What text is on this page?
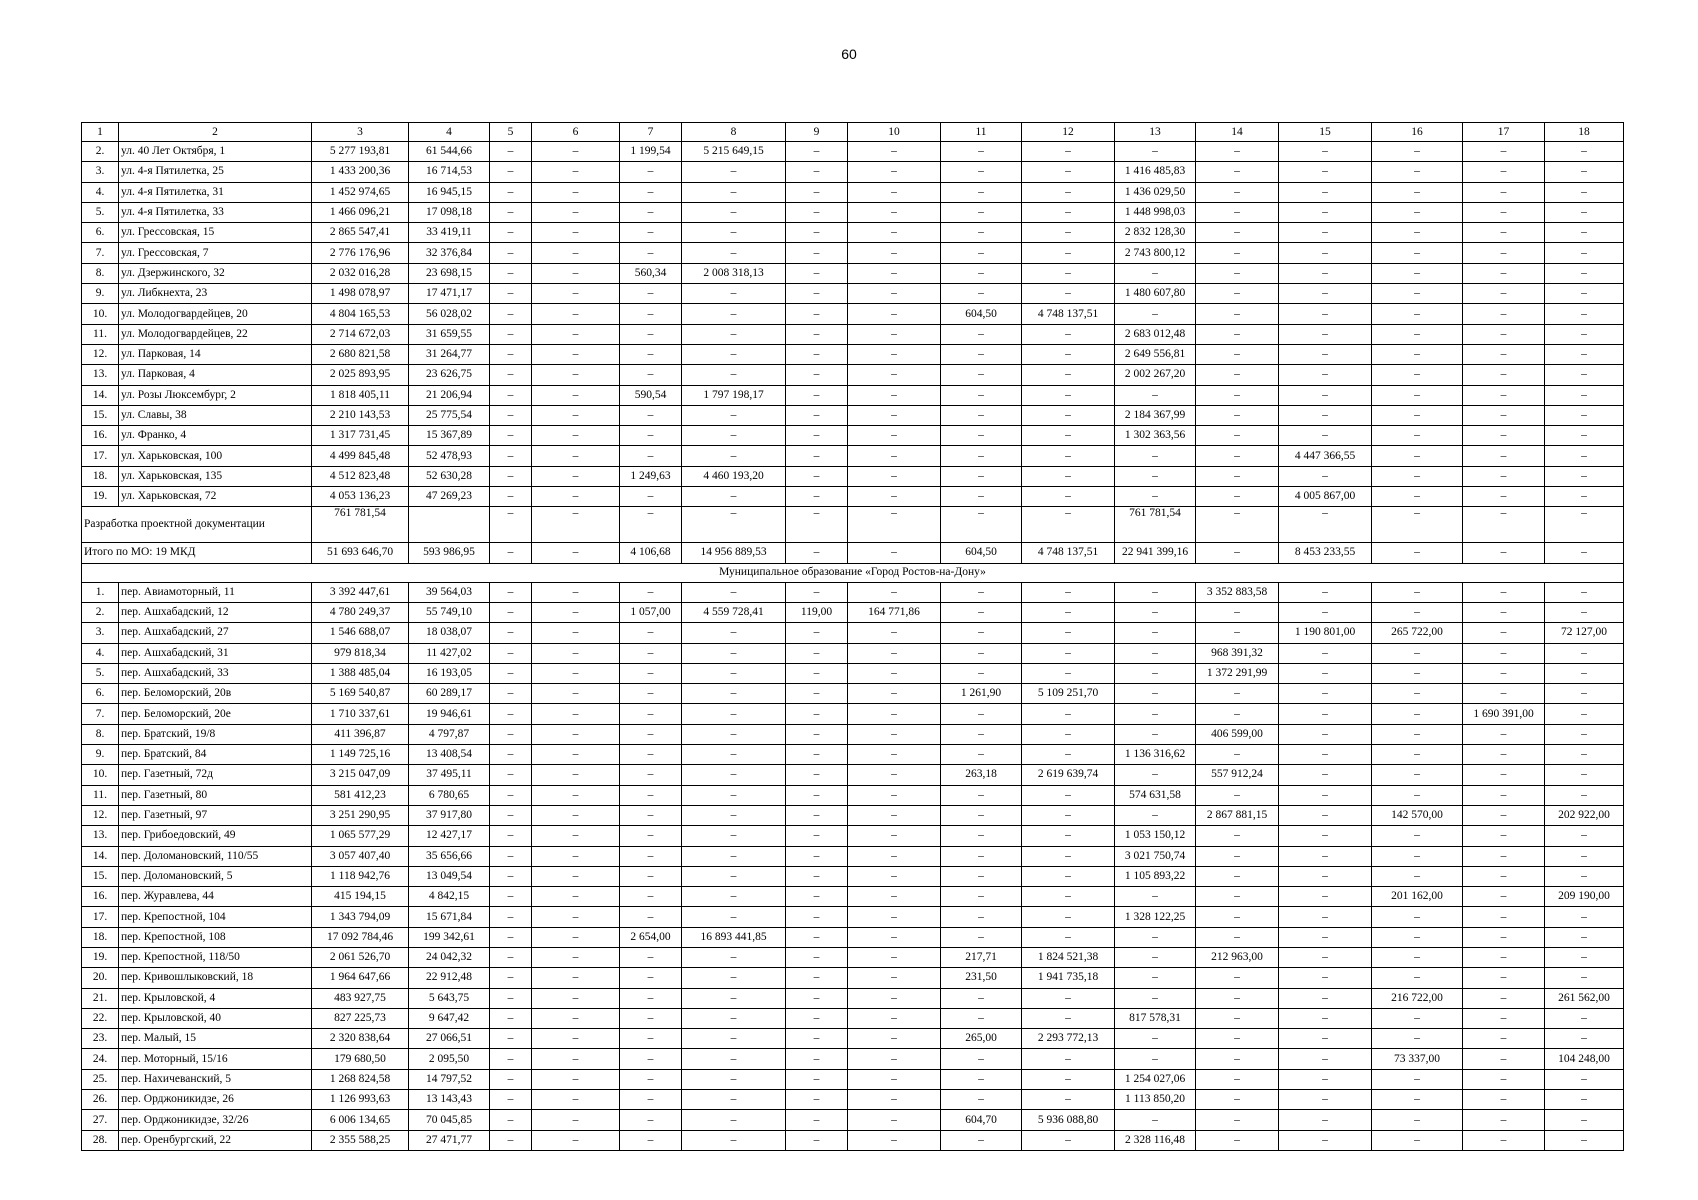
60
1	2	3	4	5	6	7	8	9	10	11	12	13	14	15	16	17	18
2.	ул. 40 Лет Октября, 1	5 277 193,81	61 544,66	–	–	1 199,54	5 215 649,15	–	–	–	–	–	–	–	–	–	–
3.	ул. 4-я Пятилетка, 25	1 433 200,36	16 714,53	–	–	–	–	–	–	–	–	1 416 485,83	–	–	–	–	–
4.	ул. 4-я Пятилетка, 31	1 452 974,65	16 945,15	–	–	–	–	–	–	–	–	1 436 029,50	–	–	–	–	–
5.	ул. 4-я Пятилетка, 33	1 466 096,21	17 098,18	–	–	–	–	–	–	–	–	1 448 998,03	–	–	–	–	–
6.	ул. Грессовская, 15	2 865 547,41	33 419,11	–	–	–	–	–	–	–	–	2 832 128,30	–	–	–	–	–
7.	ул. Грессовская, 7	2 776 176,96	32 376,84	–	–	–	–	–	–	–	–	2 743 800,12	–	–	–	–	–
8.	ул. Дзержинского, 32	2 032 016,28	23 698,15	–	–	560,34	2 008 318,13	–	–	–	–	–	–	–	–	–	–
9.	ул. Либкнехта, 23	1 498 078,97	17 471,17	–	–	–	–	–	–	–	–	1 480 607,80	–	–	–	–	–
10.	ул. Молодогвардейцев, 20	4 804 165,53	56 028,02	–	–	–	–	–	–	604,50	4 748 137,51	–	–	–	–	–	–
11.	ул. Молодогвардейцев, 22	2 714 672,03	31 659,55	–	–	–	–	–	–	–	–	2 683 012,48	–	–	–	–	–
12.	ул. Парковая, 14	2 680 821,58	31 264,77	–	–	–	–	–	–	–	–	2 649 556,81	–	–	–	–	–
13.	ул. Парковая, 4	2 025 893,95	23 626,75	–	–	–	–	–	–	–	–	2 002 267,20	–	–	–	–	–
14.	ул. Розы Люксембург, 2	1 818 405,11	21 206,94	–	–	590,54	1 797 198,17	–	–	–	–	–	–	–	–	–	–
15.	ул. Славы, 38	2 210 143,53	25 775,54	–	–	–	–	–	–	–	–	2 184 367,99	–	–	–	–	–
16.	ул. Франко, 4	1 317 731,45	15 367,89	–	–	–	–	–	–	–	–	1 302 363,56	–	–	–	–	–
17.	ул. Харьковская, 100	4 499 845,48	52 478,93	–	–	–	–	–	–	–	–	–	–	4 447 366,55	–	–	–
18.	ул. Харьковская, 135	4 512 823,48	52 630,28	–	–	1 249,63	4 460 193,20	–	–	–	–	–	–	–	–	–	–
19.	ул. Харьковская, 72	4 053 136,23	47 269,23	–	–	–	–	–	–	–	–	–	–	4 005 867,00	–	–	–
Разработка проектной документации		761 781,54		–	–	–	–	–	–	–	–	761 781,54	–	–	–	–	–
Итого по МО: 19 МКД		51 693 646,70	593 986,95	–	–	4 106,68	14 956 889,53	–	–	604,50	4 748 137,51	22 941 399,16	–	8 453 233,55	–	–	–
Муниципальное образование «Город Ростов-на-Дону»																	
1.	пер. Авиамоторный, 11	3 392 447,61	39 564,03	–	–	–	–	–	–	–	–	–	3 352 883,58	–	–	–	–
2.	пер. Ашхабадский, 12	4 780 249,37	55 749,10	–	–	1 057,00	4 559 728,41	119,00	164 771,86	–	–	–	–	–	–	–	–
3.	пер. Ашхабадский, 27	1 546 688,07	18 038,07	–	–	–	–	–	–	–	–	–	–	1 190 801,00	265 722,00	–	72 127,00
4.	пер. Ашхабадский, 31	979 818,34	11 427,02	–	–	–	–	–	–	–	–	–	968 391,32	–	–	–	–
5.	пер. Ашхабадский, 33	1 388 485,04	16 193,05	–	–	–	–	–	–	–	–	–	1 372 291,99	–	–	–	–
6.	пер. Беломорский, 20в	5 169 540,87	60 289,17	–	–	–	–	–	–	1 261,90	5 109 251,70	–	–	–	–	–	–
7.	пер. Беломорский, 20е	1 710 337,61	19 946,61	–	–	–	–	–	–	–	–	–	–	–	–	1 690 391,00	–
8.	пер. Братский, 19/8	411 396,87	4 797,87	–	–	–	–	–	–	–	–	–	406 599,00	–	–	–	–
9.	пер. Братский, 84	1 149 725,16	13 408,54	–	–	–	–	–	–	–	–	1 136 316,62	–	–	–	–	–
10.	пер. Газетный, 72д	3 215 047,09	37 495,11	–	–	–	–	–	–	263,18	2 619 639,74	–	557 912,24	–	–	–	–
11.	пер. Газетный, 80	581 412,23	6 780,65	–	–	–	–	–	–	–	–	574 631,58	–	–	–	–	–
12.	пер. Газетный, 97	3 251 290,95	37 917,80	–	–	–	–	–	–	–	–	–	2 867 881,15	–	142 570,00	–	202 922,00
13.	пер. Грибоедовский, 49	1 065 577,29	12 427,17	–	–	–	–	–	–	–	–	1 053 150,12	–	–	–	–	–
14.	пер. Доломановский, 110/55	3 057 407,40	35 656,66	–	–	–	–	–	–	–	–	3 021 750,74	–	–	–	–	–
15.	пер. Доломановский, 5	1 118 942,76	13 049,54	–	–	–	–	–	–	–	–	1 105 893,22	–	–	–	–	–
16.	пер. Журавлева, 44	415 194,15	4 842,15	–	–	–	–	–	–	–	–	–	–	–	201 162,00	–	209 190,00
17.	пер. Крепостной, 104	1 343 794,09	15 671,84	–	–	–	–	–	–	–	–	1 328 122,25	–	–	–	–	–
18.	пер. Крепостной, 108	17 092 784,46	199 342,61	–	–	2 654,00	16 893 441,85	–	–	–	–	–	–	–	–	–	–
19.	пер. Крепостной, 118/50	2 061 526,70	24 042,32	–	–	–	–	–	–	217,71	1 824 521,38	–	212 963,00	–	–	–	–
20.	пер. Кривошлыковский, 18	1 964 647,66	22 912,48	–	–	–	–	–	–	231,50	1 941 735,18	–	–	–	–	–	–
21.	пер. Крыловской, 4	483 927,75	5 643,75	–	–	–	–	–	–	–	–	–	–	–	216 722,00	–	261 562,00
22.	пер. Крыловской, 40	827 225,73	9 647,42	–	–	–	–	–	–	–	–	817 578,31	–	–	–	–	–
23.	пер. Малый, 15	2 320 838,64	27 066,51	–	–	–	–	–	–	265,00	2 293 772,13	–	–	–	–	–	–
24.	пер. Моторный, 15/16	179 680,50	2 095,50	–	–	–	–	–	–	–	–	–	–	–	73 337,00	–	104 248,00
25.	пер. Нахичеванский, 5	1 268 824,58	14 797,52	–	–	–	–	–	–	–	–	1 254 027,06	–	–	–	–	–
26.	пер. Орджоникидзе, 26	1 126 993,63	13 143,43	–	–	–	–	–	–	–	–	1 113 850,20	–	–	–	–	–
27.	пер. Орджоникидзе, 32/26	6 006 134,65	70 045,85	–	–	–	–	–	–	604,70	5 936 088,80	–	–	–	–	–	–
28.	пер. Оренбургский, 22	2 355 588,25	27 471,77	–	–	–	–	–	–	–	–	2 328 116,48	–	–	–	–	–
